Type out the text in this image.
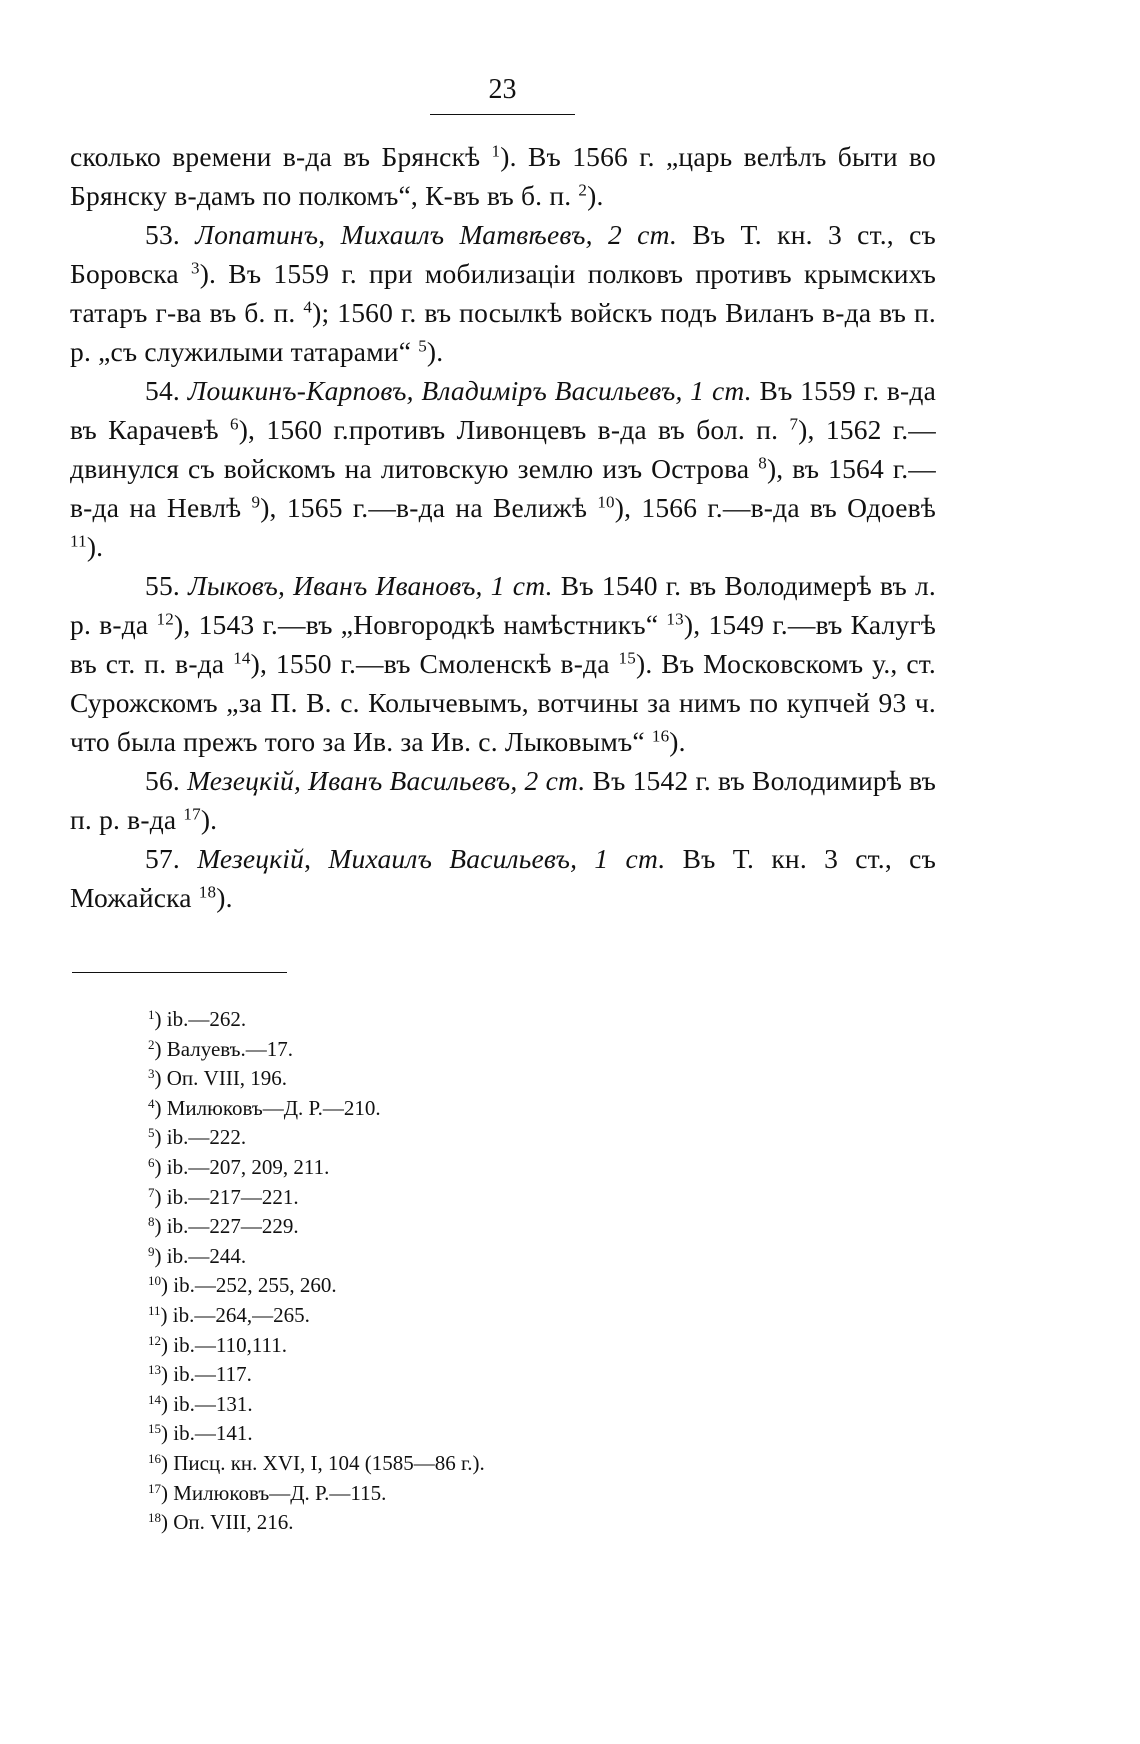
23

сколько времени в-да въ Брянскѣ $^1$). Въ 1566 г. „царь велѣлъ быти во Брянску в-дамъ по полкомъ“, К-въ въ б. п. $^2$).

53. Лопатинъ, Михаилъ Матвѣевъ, 2 ст. Въ Т. кн. 3 ст., съ Боровска $^3$). Въ 1559 г. при мобилизаціи полковъ противъ крымскихъ татаръ г-ва въ б. п. $^4$); 1560 г. въ посылкѣ войскъ подъ Виланъ в-да въ п. р. „съ служилыми татарами“ $^5$).

54. Лошкинъ-Карповъ, Владимiръ Васильевъ, 1 ст. Въ 1559 г. в-да въ Карачевѣ $^6$), 1560 г.противъ Ливонцевъ в-да въ бол. п. $^7$), 1562 г.—двинулся съ войскомъ на литовскую землю изъ Острова $^8$), въ 1564 г.—в-да на Невлѣ $^9$), 1565 г.—в-да на Велижѣ $^{10}$), 1566 г.—в-да въ Одоевѣ $^{11}$).

55. Лыковъ, Иванъ Ивановъ, 1 ст. Въ 1540 г. въ Володимерѣ въ л. р. в-да $^{12}$), 1543 г.—въ „Новгородкѣ намѣстникъ“ $^{13}$), 1549 г.—въ Калугѣ въ ст. п. в-да $^{14}$), 1550 г.—въ Смоленскѣ в-да $^{15}$). Въ Московскомъ у., ст. Сурожскомъ „за П. В. с. Колычевымъ, вотчины за нимъ по купчей 93 ч. что была прежъ того за Ив. за Ив. с. Лыковымъ“ $^{16}$).

56. Мезецкій, Иванъ Васильевъ, 2 ст. Въ 1542 г. въ Володимирѣ въ п. р. в-да $^{17}$).

57. Мезецкій, Михаилъ Васильевъ, 1 ст. Въ Т. кн. 3 ст., съ Можайска $^{18}$).

$^1$) ib.—262.
$^2$) Валуевъ.—17.
$^3$) Оп. VIII, 196.
$^4$) Милюковъ—Д. Р.—210.
$^5$) ib.—222.
$^6$) ib.—207, 209, 211.
$^7$) ib.—217—221.
$^8$) ib.—227—229.
$^9$) ib.—244.
$^{10}$) ib.—252, 255, 260.
$^{11}$) ib.—264,—265.
$^{12}$) ib.—110,111.
$^{13}$) ib.—117.
$^{14}$) ib.—131.
$^{15}$) ib.—141.
$^{16}$) Писц. кн. XVI, I, 104 (1585—86 г.).
$^{17}$) Милюковъ—Д. Р.—115.
$^{18}$) Оп. VIII, 216.
